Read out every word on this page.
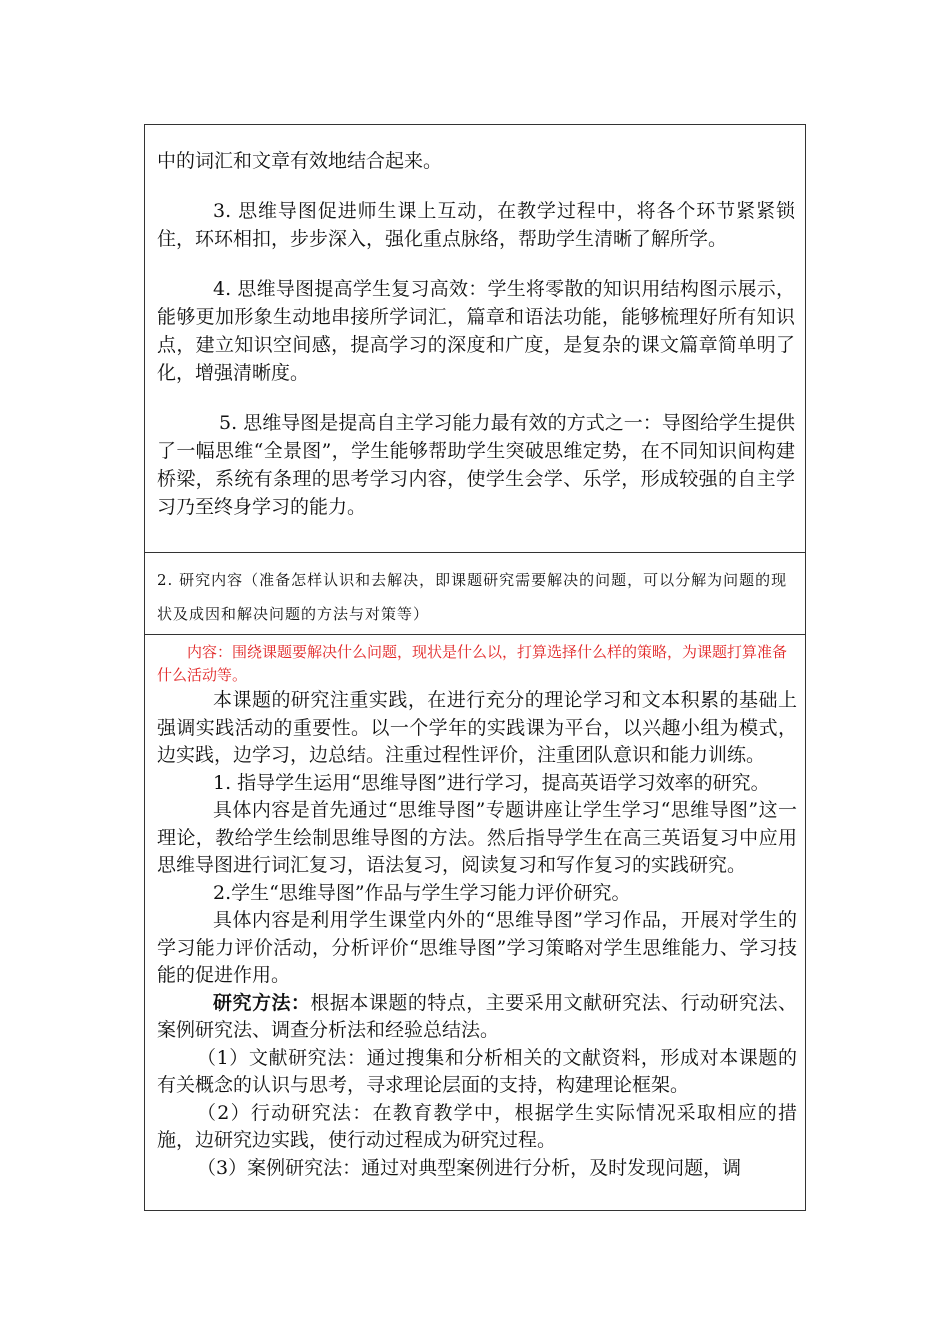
中的词汇和文章有效地结合起来。

3. 思维导图促进师生课上互动，在教学过程中，将各个环节紧紧锁住，环环相扣，步步深入，强化重点脉络，帮助学生清晰了解所学。

4. 思维导图提高学生复习高效：学生将零散的知识用结构图示展示，能够更加形象生动地串接所学词汇，篇章和语法功能，能够梳理好所有知识点，建立知识空间感，提高学习的深度和广度，是复杂的课文篇章简单明了化，增强清晰度。

5. 思维导图是提高自主学习能力最有效的方式之一：导图给学生提供了一幅思维“全景图”，学生能够帮助学生突破思维定势，在不同知识间构建桥梁，系统有条理的思考学习内容，使学生会学、乐学，形成较强的自主学习乃至终身学习的能力。

2. 研究内容（准备怎样认识和去解决，即课题研究需要解决的问题，可以分解为问题的现状及成因和解决问题的方法与对策等）

内容：围绕课题要解决什么问题，现状是什么以，打算选择什么样的策略，为课题打算准备什么活动等。

本课题的研究注重实践，在进行充分的理论学习和文本积累的基础上强调实践活动的重要性。以一个学年的实践课为平台，以兴趣小组为模式，边实践，边学习，边总结。注重过程性评价，注重团队意识和能力训练。

1. 指导学生运用“思维导图”进行学习，提高英语学习效率的研究。

具体内容是首先通过“思维导图”专题讲座让学生学习“思维导图”这一理论，教给学生绘制思维导图的方法。然后指导学生在高三英语复习中应用思维导图进行词汇复习，语法复习，阅读复习和写作复习的实践研究。

2.学生“思维导图”作品与学生学习能力评价研究。

具体内容是利用学生课堂内外的“思维导图”学习作品，开展对学生的学习能力评价活动，分析评价“思维导图”学习策略对学生思维能力、学习技能的促进作用。

研究方法：根据本课题的特点，主要采用文献研究法、行动研究法、案例研究法、调查分析法和经验总结法。

（1）文献研究法：通过搜集和分析相关的文献资料，形成对本课题的有关概念的认识与思考，寻求理论层面的支持，构建理论框架。

（2）行动研究法：在教育教学中，根据学生实际情况采取相应的措施，边研究边实践，使行动过程成为研究过程。

（3）案例研究法：通过对典型案例进行分析，及时发现问题，调
